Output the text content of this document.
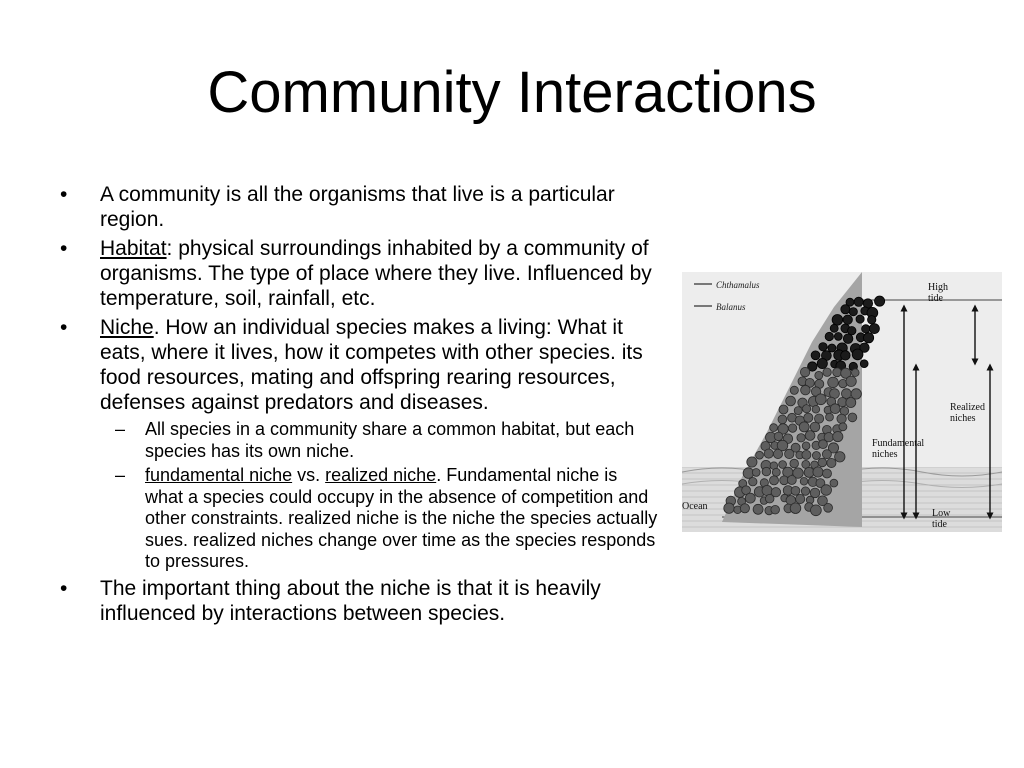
Community Interactions
•	A community is all the organisms that live is a particular region.
•	Habitat: physical surroundings inhabited by a community of organisms. The type of place where they live. Influenced by temperature, soil, rainfall, etc.
•	Niche. How an individual species makes a living: What it eats, where it lives, how it competes with other species. its food resources, mating and offspring rearing resources, defenses against predators and diseases.
– All species in a community share a common habitat, but each species has its own niche.
– fundamental niche vs. realized niche. Fundamental niche is what a species could occupy in the absence of competition and other constraints. realized niche is the niche the species actually sues. realized niches change over time as the species responds to pressures.
•	The important thing about the niche is that it is heavily influenced by interactions between species.
Chthamalus
Balanus
High tide
Low tide
Realized niches
Fundamental niches
Ocean
